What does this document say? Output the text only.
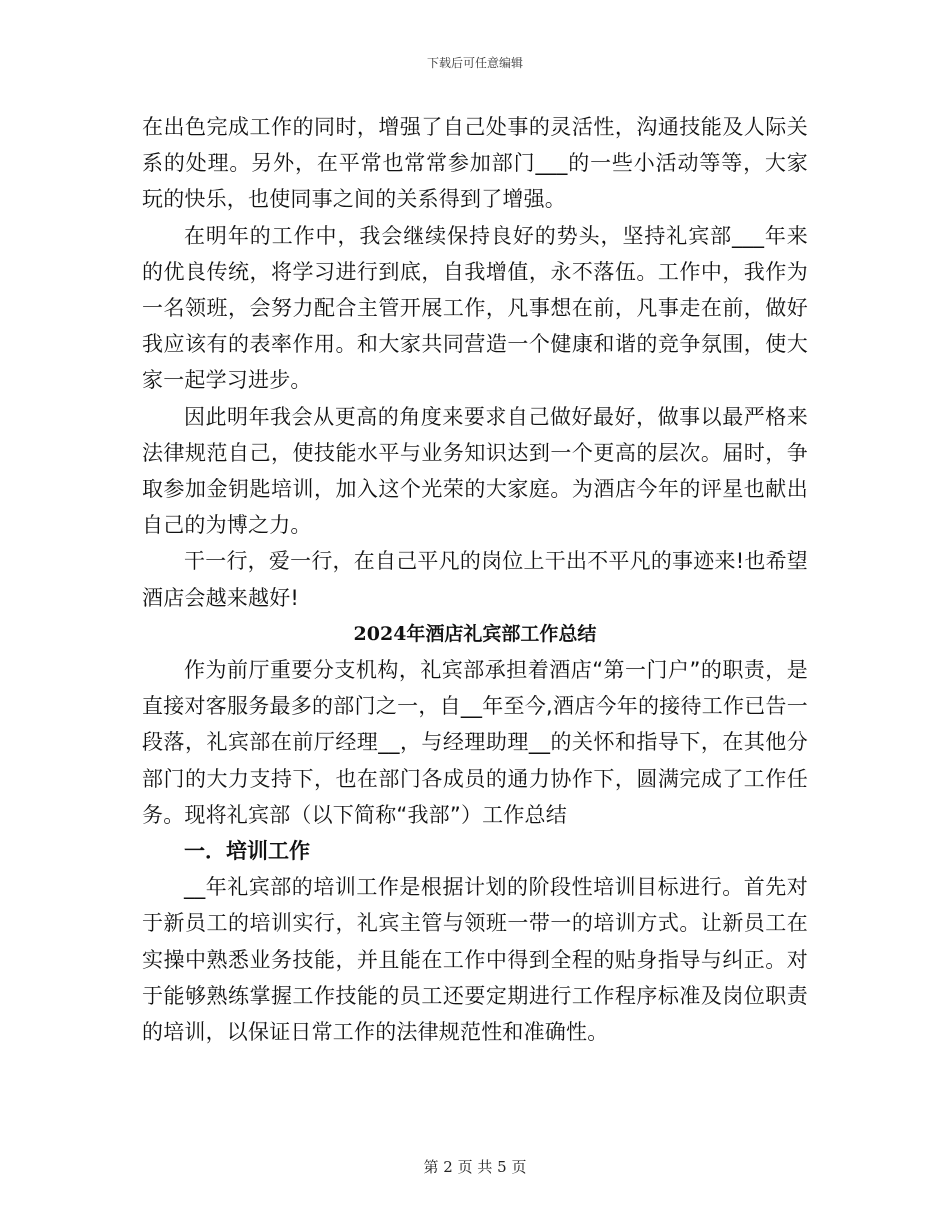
下载后可任意编辑

在出色完成工作的同时，增强了自己处事的灵活性，沟通技能及人际关系的处理。另外，在平常也常常参加部门___的一些小活动等等，大家玩的快乐，也使同事之间的关系得到了增强。

在明年的工作中，我会继续保持良好的势头，坚持礼宾部___年来的优良传统，将学习进行到底，自我增值，永不落伍。工作中，我作为一名领班，会努力配合主管开展工作，凡事想在前，凡事走在前，做好我应该有的表率作用。和大家共同营造一个健康和谐的竞争氛围，使大家一起学习进步。

因此明年我会从更高的角度来要求自己做好最好，做事以最严格来法律规范自己，使技能水平与业务知识达到一个更高的层次。届时，争取参加金钥匙培训，加入这个光荣的大家庭。为酒店今年的评星也献出自己的为博之力。

干一行，爱一行，在自己平凡的岗位上干出不平凡的事迹来!也希望酒店会越来越好!

2024年酒店礼宾部工作总结

作为前厅重要分支机构，礼宾部承担着酒店“第一门户”的职责，是直接对客服务最多的部门之一，自__年至今,酒店今年的接待工作已告一段落，礼宾部在前厅经理__，与经理助理__的关怀和指导下，在其他分部门的大力支持下，也在部门各成员的通力协作下，圆满完成了工作任务。现将礼宾部（以下简称“我部”）工作总结

一．培训工作

__年礼宾部的培训工作是根据计划的阶段性培训目标进行。首先对于新员工的培训实行，礼宾主管与领班一带一的培训方式。让新员工在实操中熟悉业务技能，并且能在工作中得到全程的贴身指导与纠正。对于能够熟练掌握工作技能的员工还要定期进行工作程序标准及岗位职责的培训，以保证日常工作的法律规范性和准确性。

第 2 页 共 5 页
